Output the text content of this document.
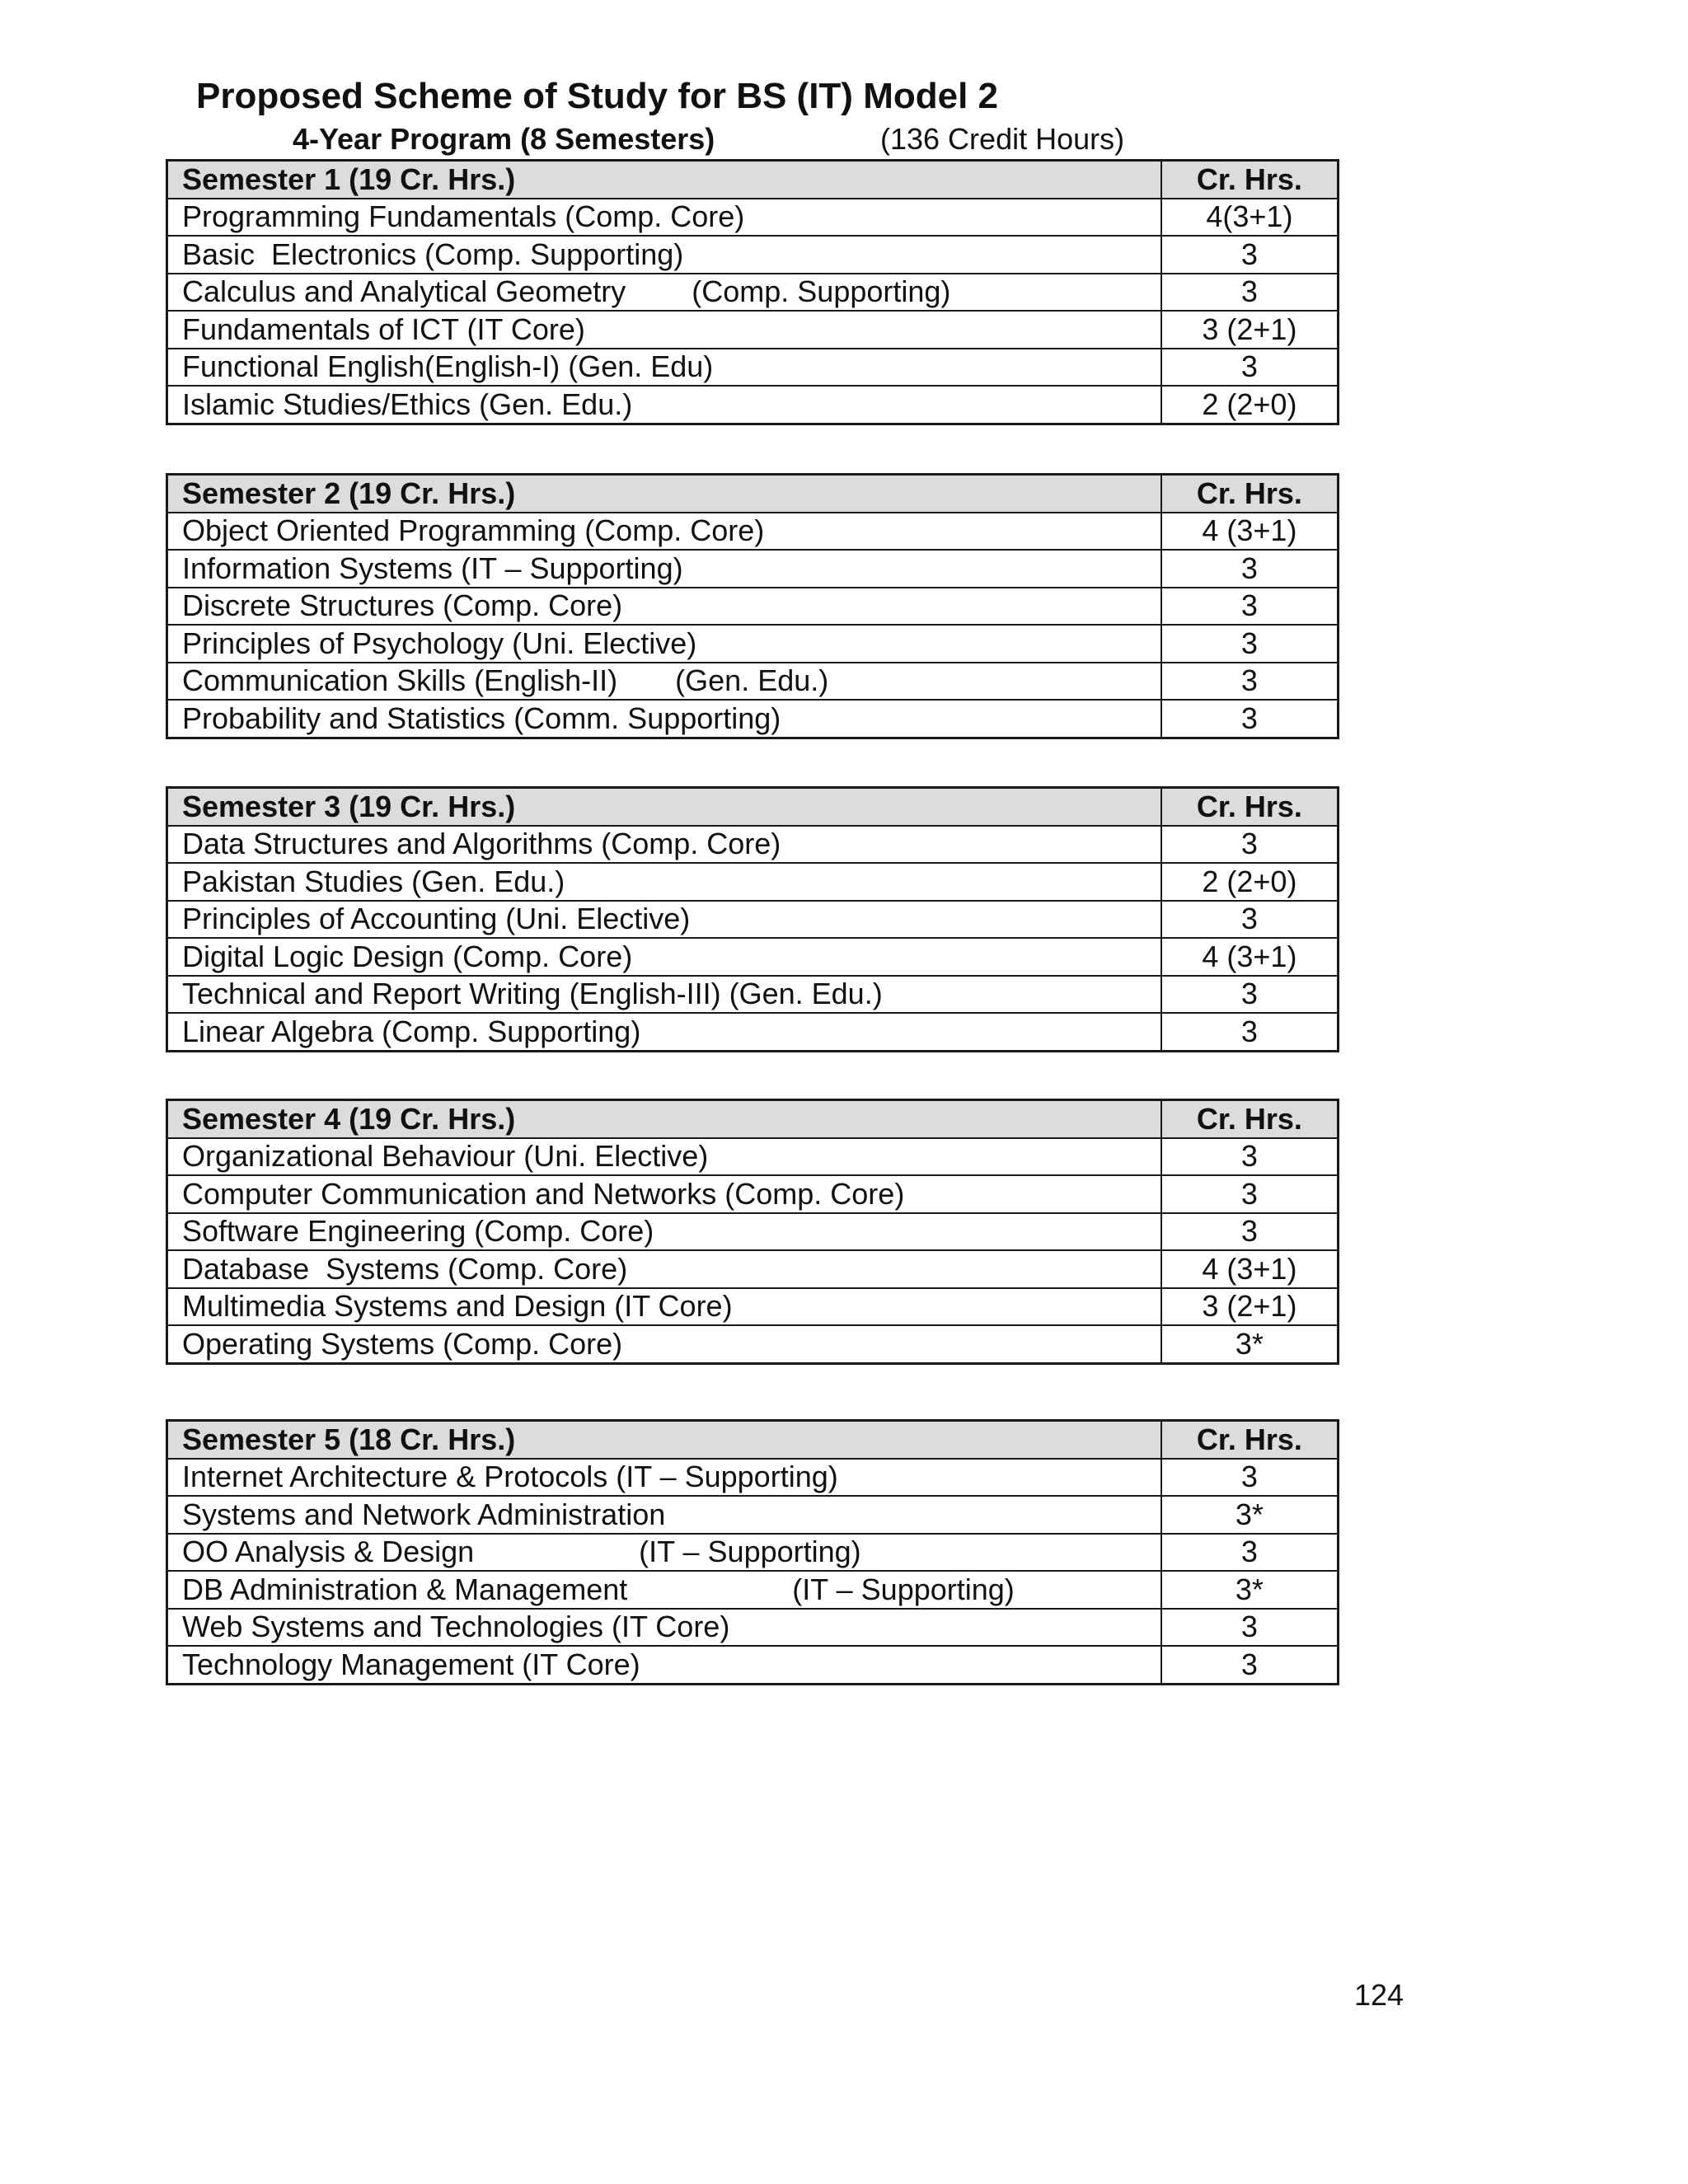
Proposed Scheme of Study for BS (IT) Model 2
4-Year Program (8 Semesters)	(136 Credit Hours)
Semester 1 (19 Cr. Hrs.)	Cr. Hrs.
Programming Fundamentals (Comp. Core)	4(3+1)
Basic  Electronics (Comp. Supporting)	3
Calculus and Analytical Geometry        (Comp. Supporting)	3
Fundamentals of ICT (IT Core)	3 (2+1)
Functional English(English-I) (Gen. Edu)	3
Islamic Studies/Ethics (Gen. Edu.)	2 (2+0)
Semester 2 (19 Cr. Hrs.)	Cr. Hrs.
Object Oriented Programming (Comp. Core)	4 (3+1)
Information Systems (IT – Supporting)	3
Discrete Structures (Comp. Core)	3
Principles of Psychology (Uni. Elective)	3
Communication Skills (English-II)       (Gen. Edu.)	3
Probability and Statistics (Comm. Supporting)	3
Semester 3 (19 Cr. Hrs.)	Cr. Hrs.
Data Structures and Algorithms (Comp. Core)	3
Pakistan Studies (Gen. Edu.)	2 (2+0)
Principles of Accounting (Uni. Elective)	3
Digital Logic Design (Comp. Core)	4 (3+1)
Technical and Report Writing (English-III) (Gen. Edu.)	3
Linear Algebra (Comp. Supporting)	3
Semester 4 (19 Cr. Hrs.)	Cr. Hrs.
Organizational Behaviour (Uni. Elective)	3
Computer Communication and Networks (Comp. Core)	3
Software Engineering (Comp. Core)	3
Database  Systems (Comp. Core)	4 (3+1)
Multimedia Systems and Design (IT Core)	3 (2+1)
Operating Systems (Comp. Core)	3*
Semester 5 (18 Cr. Hrs.)	Cr. Hrs.
Internet Architecture & Protocols (IT – Supporting)	3
Systems and Network Administration	3*
OO Analysis & Design                    (IT – Supporting)	3
DB Administration & Management                    (IT – Supporting)	3*
Web Systems and Technologies (IT Core)	3
Technology Management (IT Core)	3
124
